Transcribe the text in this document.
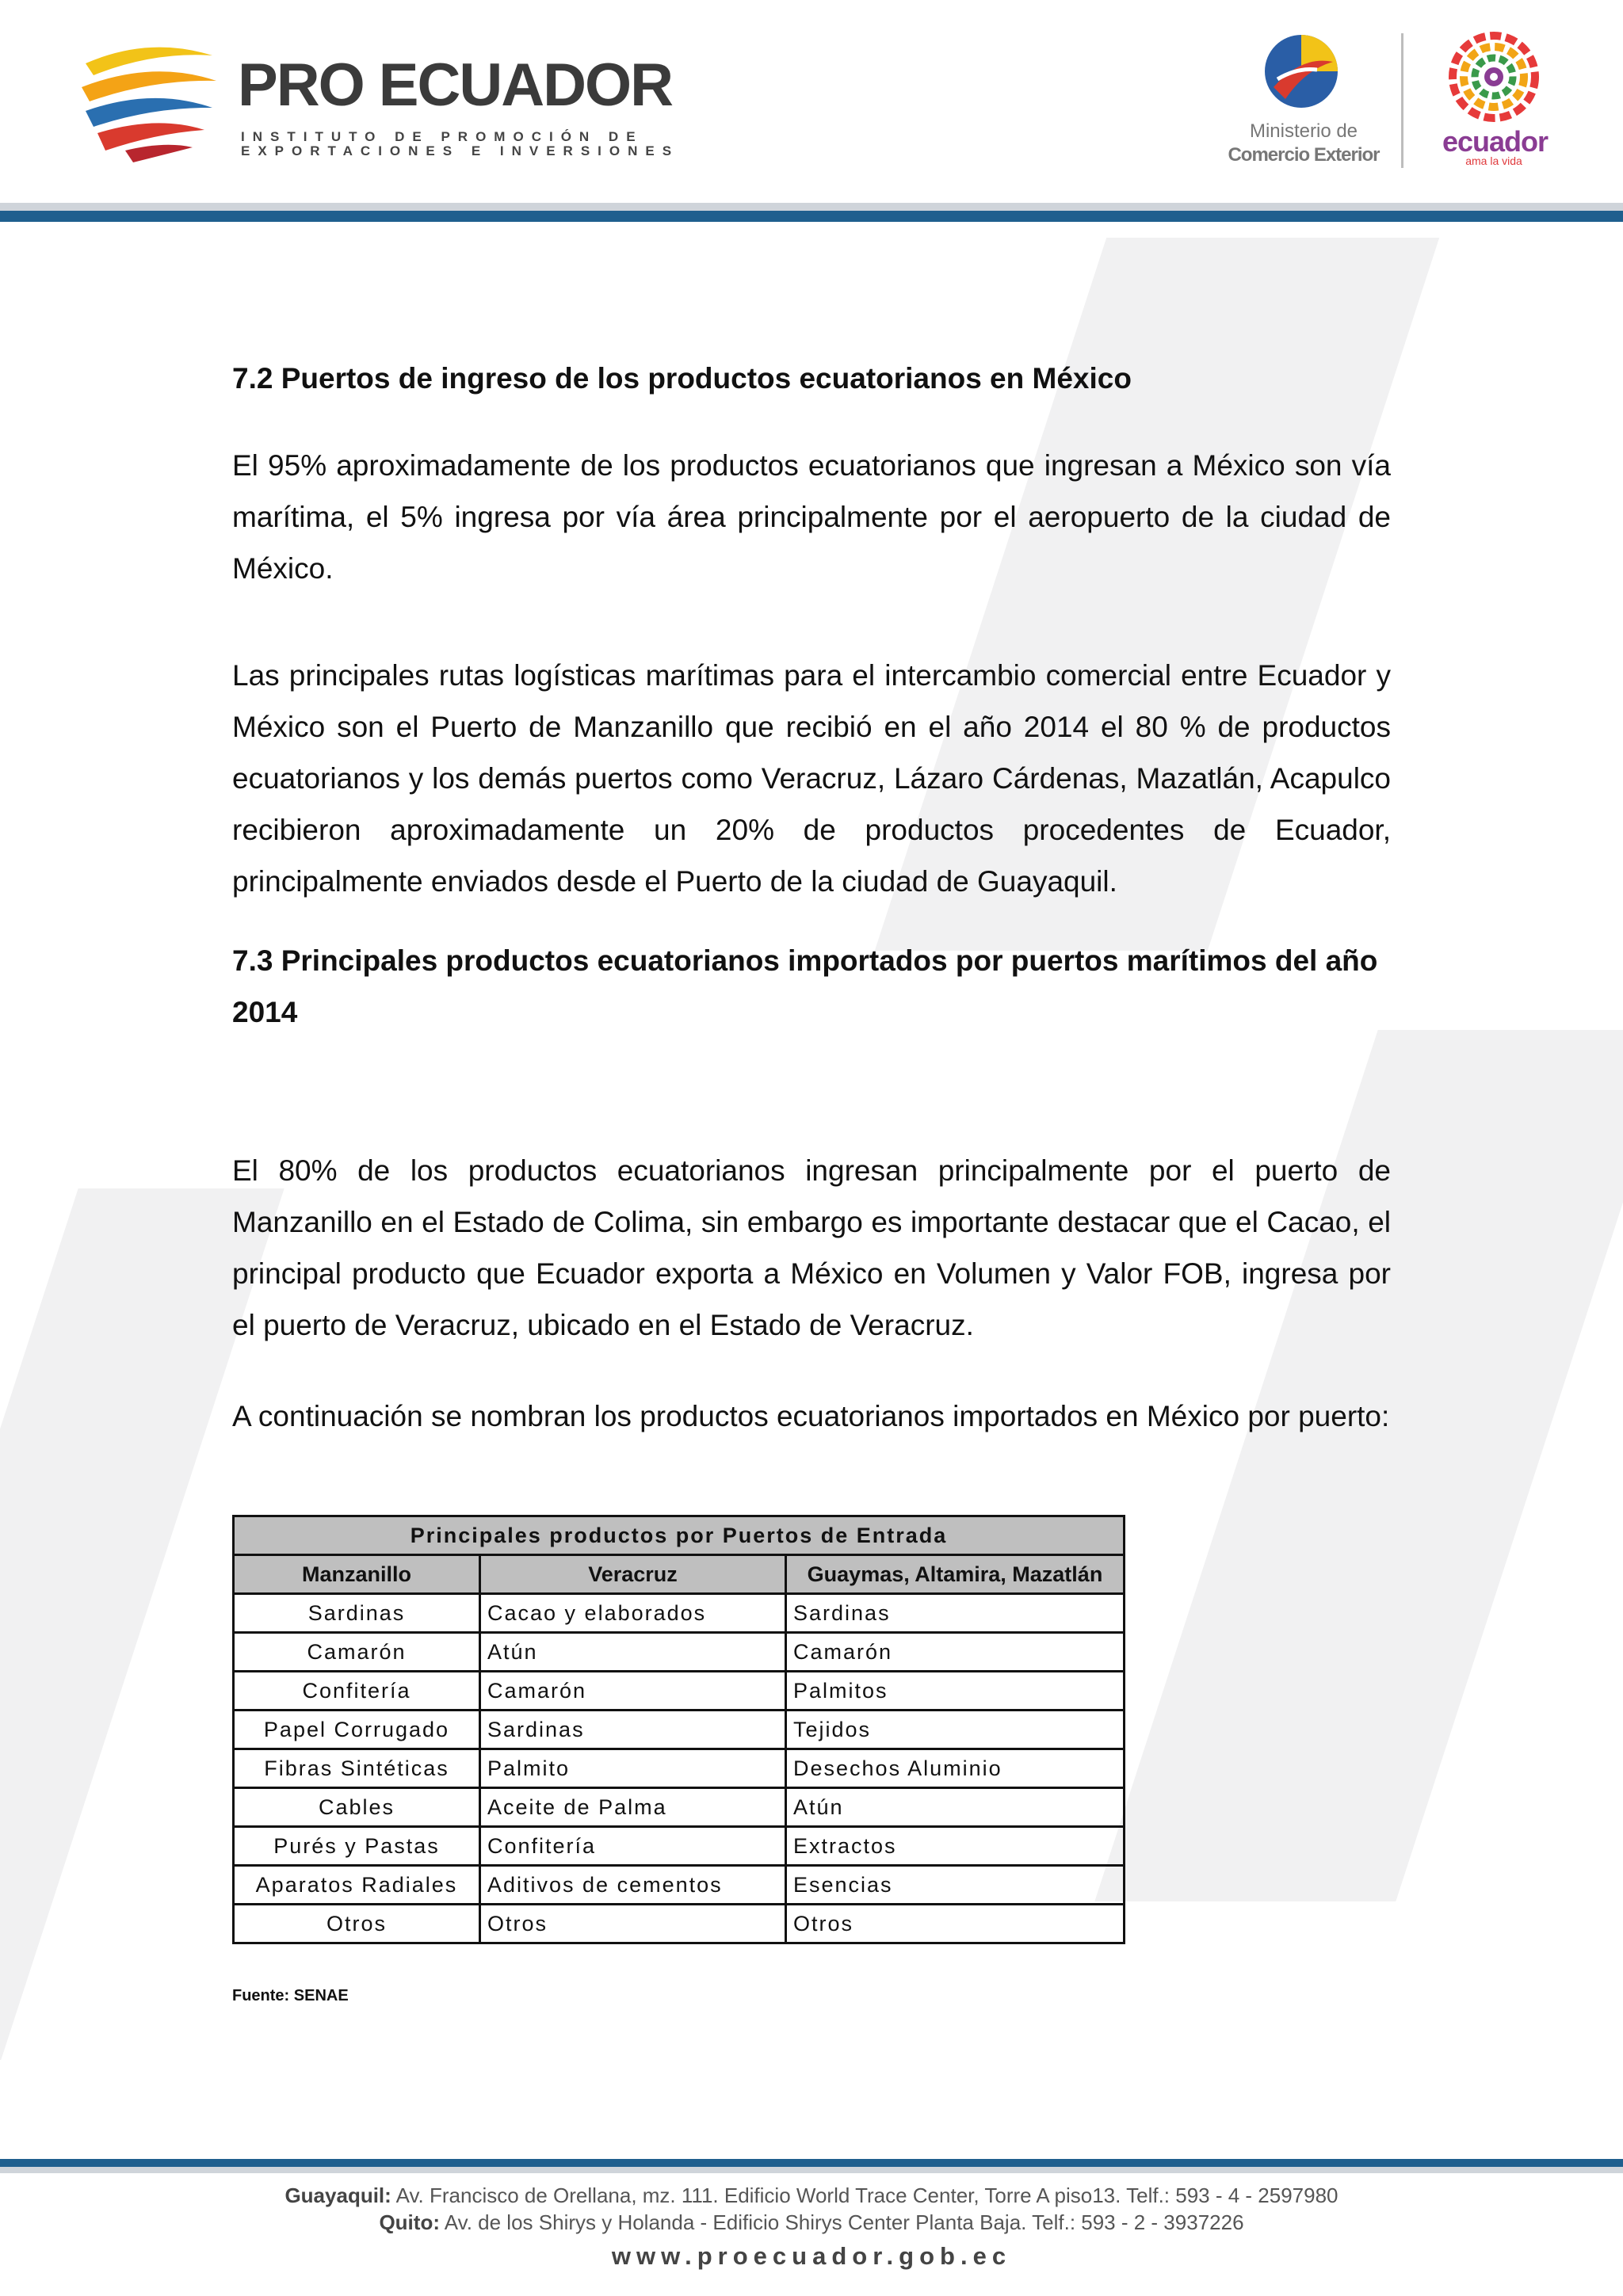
PRO ECUADOR
INSTITUTO DE PROMOCIÓN DE
EXPORTACIONES E INVERSIONES
Ministerio de
Comercio Exterior	ecuador
ama la vida
7.2 Puertos de ingreso de los productos ecuatorianos en México

El 95% aproximadamente de los productos ecuatorianos que ingresan a México son vía marítima, el 5% ingresa por vía área principalmente por el aeropuerto de la ciudad de México.

Las principales rutas logísticas marítimas para el intercambio comercial entre Ecuador y México son el Puerto de Manzanillo que recibió en el año 2014 el 80 % de productos ecuatorianos y los demás puertos como Veracruz, Lázaro Cárdenas, Mazatlán, Acapulco recibieron aproximadamente un 20% de productos procedentes de Ecuador, principalmente enviados desde el Puerto de la ciudad de Guayaquil.

7.3 Principales productos ecuatorianos importados por puertos marítimos del año 2014

El 80% de los productos ecuatorianos ingresan principalmente por el puerto de Manzanillo en el Estado de Colima, sin embargo es importante destacar que el Cacao, el principal producto que Ecuador exporta a México en Volumen y Valor FOB, ingresa por el puerto de Veracruz, ubicado en el Estado de Veracruz.

A continuación se nombran los productos ecuatorianos importados en México por puerto:

Principales productos por Puertos de Entrada		
Manzanillo	Veracruz	Guaymas, Altamira, Mazatlán
Sardinas	Cacao y elaborados	Sardinas
Camarón	Atún	Camarón
Confitería	Camarón	Palmitos
Papel Corrugado	Sardinas	Tejidos
Fibras Sintéticas	Palmito	Desechos Aluminio
Cables	Aceite de Palma	Atún
Purés y Pastas	Confitería	Extractos
Aparatos Radiales	Aditivos de cementos	Esencias
Otros	Otros	Otros
Fuente: SENAE
Guayaquil: Av. Francisco de Orellana, mz. 111. Edificio World Trace Center, Torre A piso13. Telf.: 593 - 4 - 2597980
Quito: Av. de los Shirys y Holanda - Edificio Shirys Center Planta Baja. Telf.: 593 - 2 - 3937226
www.proecuador.gob.ec
